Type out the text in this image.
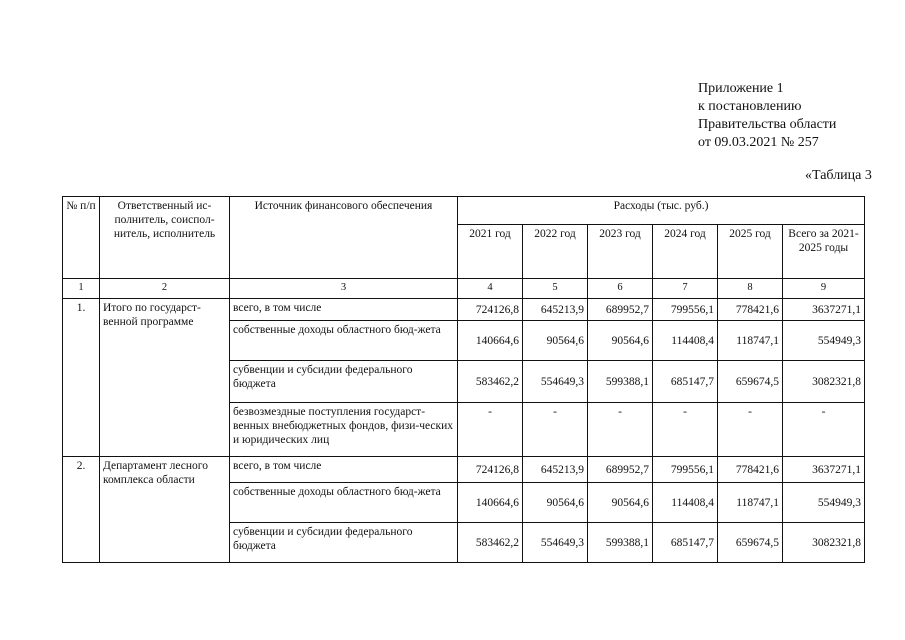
Приложение 1
к постановлению
Правительства области
от 09.03.2021 № 257
«Таблица 3
№ п/п	Ответственный ис-полнитель, соиспол-нитель, исполнитель	Источник финансового обеспечения	Расходы (тыс. руб.)					
			2021 год	2022 год	2023 год	2024 год	2025 год	Всего за 2021-2025 годы
1	2	3	4	5	6	7	8	9
1.	Итого по государст-венной программе	всего, в том числе	724126,8	645213,9	689952,7	799556,1	778421,6	3637271,1
		собственные доходы областного бюд-жета	140664,6	90564,6	90564,6	114408,4	118747,1	554949,3
		субвенции и субсидии федерального бюджета	583462,2	554649,3	599388,1	685147,7	659674,5	3082321,8
		безвозмездные поступления государст-венных внебюджетных фондов, физи-ческих и юридических лиц	-	-	-	-	-	-
2.	Департамент лесного комплекса области	всего, в том числе	724126,8	645213,9	689952,7	799556,1	778421,6	3637271,1
		собственные доходы областного бюд-жета	140664,6	90564,6	90564,6	114408,4	118747,1	554949,3
		субвенции и субсидии федерального бюджета	583462,2	554649,3	599388,1	685147,7	659674,5	3082321,8
